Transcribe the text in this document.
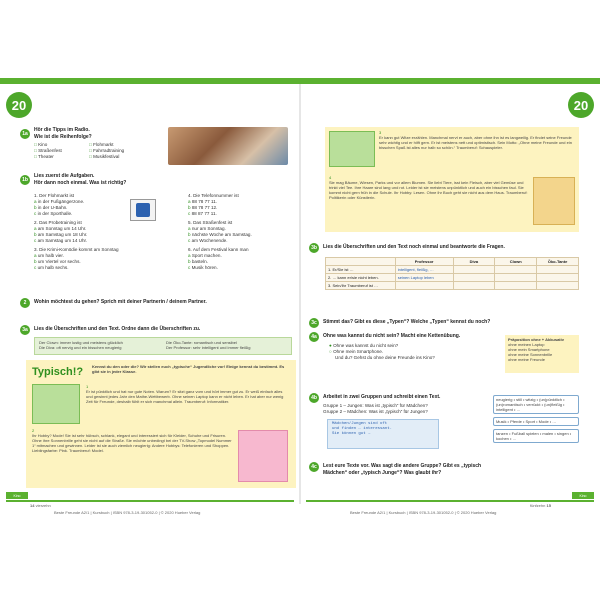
20	20
1a
Hör die Tipps im Radio.
Wie ist die Reihenfolge?
□ Kino
□ Straßenfest
□ Theater
□ Flohmarkt
□ Fahrradtraining
□ Musikfestival
1b
Lies zuerst die Aufgaben.
Hör dann noch einmal. Was ist richtig?
1. Der Flohmarkt ist
a in der Fußgängerzone.
b in der U-Bahn.
c in der Sporthalle.
2. Das Probetraining ist
a am Sonntag um 14 Uhr.
b am Samstag um 18 Uhr.
c am Samstag um 14 Uhr.
3. Die Krimi-Komödie kommt am Sonntag
a um halb vier.
b um Viertel vor sechs.
c um halb sechs.
4. Die Telefonnummer ist
a 88 78 77 11.
b 88 78 77 12.
c 88 87 77 11.
5. Das Straßenfest ist
a nur am Sonntag.
b nächste Woche am Samstag.
c am Wochenende.
6. Auf dem Festival kann man
a Sport machen.
b basteln.
c Musik hören.
2 Wohin möchtest du gehen? Sprich mit deiner Partnerin / deinem Partner.
3a Lies die Überschriften und den Text. Ordne dann die Überschriften zu.
Der Clown: immer lustig und meistens glücklich	Die Öko-Tante: romantisch und sensibel
Die Diva: oft nervig und ein bisschen neugierig	Der Professor: sehr intelligent und immer fleißig
Typisch!? Kennst du den oder die? Wir stellen euch „typische“ Jugendliche vor! Einige kennst du bestimmt. Es gibt sie in jeder Klasse.
1
Er ist pünktlich und hat nur gute Noten. Warum? Er sitzt ganz vorn und hört immer gut zu. Er weiß einfach alles und gewinnt jedes Jahr den Mathe-Wettbewerb. Ohne seinen Laptop kann er nicht leben. Er hat aber nur wenig Zeit für Freunde, deshalb fühlt er sich manchmal allein. Traumberuf: Informatiker.
2
Ihr Hobby? Mode! Sie ist sehr hübsch, schlank, elegant und interessiert sich für Kleider, Schuhe und Frisuren. Ohne ihre Sonnenbrille geht sie nicht auf die Straße. Sie möchte unbedingt bei der TV-Show „Topmodel Nummer 1“ mitmachen und gewinnen. Leider ist sie auch ziemlich neugierig: Andere Hobbys: Telefonieren und Shoppen. Lieblingsfarbe: Pink. Traumberuf: Model.
3
Er kann gut Witze erzählen. Manchmal nervt er auch, aber ohne ihn ist es langweilig. Er findet seine Freunde sehr wichtig und er hilft gern. Er ist meistens nett und optimistisch. Sein Motto: „Ohne meine Freunde und ein bisschen Spaß ist alles nur halb so schön.“ Traumberuf: Schauspieler.
4
Sie mag Bäume, Wiesen, Parks und vor allem Blumen. Sie liebt Tiere, isst kein Fleisch, aber viel Gemüse und trinkt viel Tee. Ihre Haare sind lang und rot. Leider ist sie meistens unpünktlich und auch ein bisschen faul. Sie kommt nicht gern früh in die Schule. Ihr Hobby: Lesen. Ohne ihr Buch geht sie nicht aus dem Haus. Traumberuf: Politikerin oder Künstlerin.
3b Lies die Überschriften und den Text noch einmal und beantworte die Fragen.
	Professor	Diva	Clown	Öko-Tante
1. Er/Sie ist …	intelligent, fleißig, …			
2. … kann er/sie nicht leben.	seinen Laptop leben			
3. Sein/Ihr Traumberuf ist …				
3c Stimmt das? Gibt es diese „Typen“? Welche „Typen“ kennst du noch?
4a Ohne was kannst du nicht sein? Macht eine Kettenübung.
● Ohne was kannst du nicht sein?
○ Ohne mein Smartphone.
Und du? Gehst du ohne deine Freunde ins Kino?
Präposition ohne + Akkusativ
ohne meinen Laptop
ohne mein Smartphone
ohne meine Sonnenbrille
ohne meine Freunde
4b Arbeitet in zwei Gruppen und schreibt einen Text.
Gruppe 1 – Jungen: Was ist „typisch“ für Mädchen?
Gruppe 2 – Mädchen: Was ist „typisch“ für Jungen?
Mädchen/Jungen sind oft
und finden … interessant.
Sie können gut …
neugierig • still • witzig • (un)pünktlich • (un)romantisch • verrückt • (un)fleißig • intelligent • …
Musik • Pferde • Sport • Mode • …
tanzen • Fußball spielen • malen • singen • kochen • …
4c Lest eure Texte vor. Was sagt die andere Gruppe? Gibt es „typisch Mädchen“ oder „typisch Junge“? Was glaubt ihr?
Kino	Kino
14 vierzehn
Beste Freunde A2/1 | Kursbuch | ISBN 978-3-19-301052-0 | © 2020 Hueber Verlag
fünfzehn 15
Beste Freunde A2/1 | Kursbuch | ISBN 978-3-19-301052-0 | © 2020 Hueber Verlag
